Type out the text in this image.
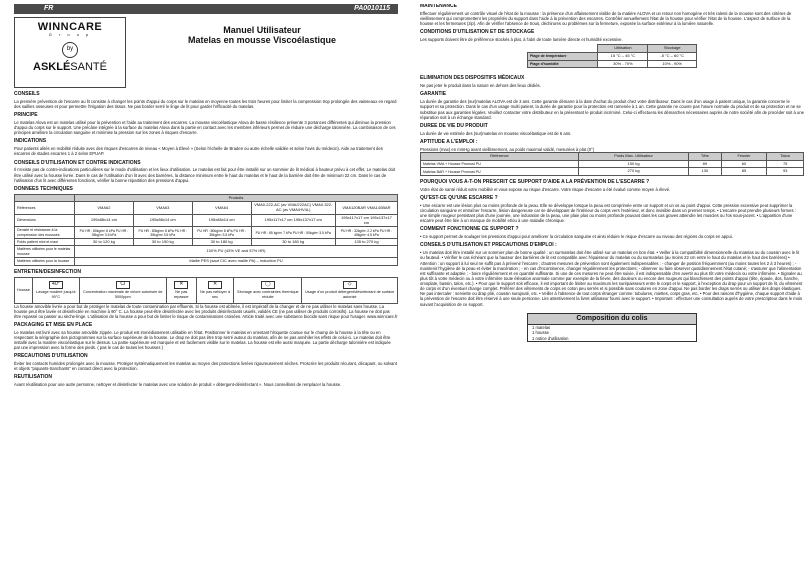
FR	PA0010115
WINNCARE
G r o u p
by
ASKLÉSANTÉ
Manuel Utilisateur
Matelas en mousse Viscoélastique
CONSEILS
La première prévention de l'escarre au lit consiste à changer les points d'appui du corps sur le matelas en moyenne toutes les trois heures pour limiter la compression trop prolongée des vaisseaux en regard des saillies osseuses et pour permettre l'irrigation des tissus. Ne pas border serré le linge de lit pour garder l'efficacité du matelas.
PRINCIPE
Le matelas Alova est un matelas utilisé pour la prévention et l'aide au traitement des escarres. La mousse viscoélastique Alova de basse résilience présente 3 portances différentes qui diminue la pression d'appui du corps sur le support. Une précâne intégrée à la surface du matelas Alova dans la partie en contact avec les membres inférieurs permet de réduire une décharge talonnière. La combinaison de ces principes améliore la circulation sanguine et minimise la pression sur les zones à risques d'escarre.
INDICATIONS
Pour patients alités en mobilité réduite avec des risques d'escarres de niveau « Moyen à Élevé » (Selon l'échelle de Braden ou autre échelle validée et selon l'avis du médecin). Aide au traitement des escarres de stades escarres 1 à 2 selon EPUAP.
CONSEILS D'UTILISATION ET CONTRE INDICATIONS
Il n'existe pas de contre-indications particulières sur le mode d'utilisation et les lieux d'utilisation. Le matelas est fait pour être installé sur un sommier de lit médical à hauteur prévu à cet effet. Le matelas doit être utilisé avec la housse livrée. Dans le cas de l'utilisation d'un lit avec des barrières, la distance minimum entre le haut du matelas et le haut de la barrière doit être de minimum 22 cm. Dans le cas de l'utilisation d'un lit avec différentes fonctions, vérifier la bonne répartition des pressions d'appui.
DONNEES TECHNIQUES
	Produits				
Références	VMA62	VMA63	VMA64	VMA0-222-AC (av VMA/222AC) VMA0-322-AC (av VMA/HV4L)	VMA120BAR VMA140BAR
Dimensions	195x88x14 cm	195x88x14 cm	195x88x14 cm	195x117x17 cm 195x137x17 cm	195x117x17 cm 195x137x17 cm
Densité et résistance à la compression des mousses	PU HR : 80kg/m³ 8 kPa PU HR : 35kg/m³ 3.5 kPa	PU HR : 80kg/m³ 8 kPa PU HR : 35kg/m³ 3.5 kPa	PU HR : 80kg/m³ 8 kPa PU HR : 35kg/m³ 3.5 kPa	PU HR : 85 kg/m³ 7 kPa PU HR : 50kg/m³ 3.5 kPa	PU HR : 32kg/m³ 2.2 kPa PU HR : 45kg/m³ 4.5 kPa
Poids patient mini et maxi	30 to 120 kg	30 to 150 kg	30 to 180 kg	30 to 180 kg	135 to 270 kg
Matières utilisées pour le matelas mousse	100% PU (43% VE and 57% HR)				
Matières utilisées pour la housse	Maille PES (sauf CIC avec maille PA) – induction PU				
ENTRETIEN/DESINFECTION
Housse	
40°
Lavage modéré jusqu'à 90°C	
Cl
Concentration maximale de chlore autorisée de 5000ppm	
✕
Ne pas repasser	
✕
Ne pas nettoyer à sec	
◯
Séchage avec contraintes thermique réduite	
◇
Usage d'un produit détergent/désinfectant de surface autorisé
La housse amovible livrée a pour but de protéger le matelas de toute contamination par effluents. Si la housse est abîmée, il est impératif de la changer et de ne pas utiliser le matelas sans housse. La housse peut être lavée et désinfectée en machine à 90° C. La housse peut-être désinfectée avec les produits désinfectants usuels, validés CE (ne pas utiliser de produits corrosifs). La housse ne doit pas être repassé ou passer au sèche-linge. L'utilisation de la housse a pour but de limiter le risque de contaminations croisées. Article traité avec une substance biocide sans risque pour l'usager. www.winncare.fr
PACKAGING ET MISE EN PLACE
Le matelas est livré avec sa housse amovible zippée. Le produit est immédiatement utilisable en l'état. Positionner le matelas en orientant l'étiquette cousue sur le champ de la housse à la tête ou en respectant la sérigraphie des pictogrammes sur la surface supérieure de la housse. Le drap ne doit pas être trop serré autour du matelas, afin de ne pas annihiler les effets de celui-ci. Le matelas doit être installé avec la matière viscoélastique sur le dessus. La partie supérieure est marquée et est facilement visible sur le matelas. La housse est elle aussi marquée. La partie décharge talonnière est indiquée par une impression avec la forme des pieds. ( pas le cas de toutes les housses )
PRECAUTIONS D'UTILISATION
Éviter les contacts humides prolongés avec la mousse. Protéger systématiquement les matelas au moyen des protections livrées rigoureusement sèches. Proscrire les produits récurant, décapant, ou solvant et objets "piquants-tranchants" en contact direct avec la protection.
REUTILISATION
Avant réutilisation pour une autre personne, nettoyer et désinfecter le matelas avec une solution de produit « détergent-désinfectant ». Nous conseillons de remplacer la housse.
MAINTENANCE
Effectuer régulièrement un contrôle visuel de l'état de la mousse : la présence d'un affaissement visible de la matière ALOVA et un retour non homogène et très ralenti de la mousse sont des critères de vieillissement qui compromettent les propriétés du support dans l'aide à la prévention des escarres. Contrôler annuellement l'état de la housse pour vérifier l'état de la housse. L'aspect de surface de la housse et les fermetures (zip). Afin de vérifier l'absence de trous, déchirures ou problèmes sur la fermeture, exposée la surface extérieur à la lumière naturelle.
CONDITIONS D'UTILISATION ET DE STOCKAGE
Les supports doivent être de préférence stockés à plat, à l'abri de toute lumière directe et humidité excessive.
	Utilisation	Stockage
Plage de température	15 °C – 45 °C	-5 °C – 60 °C
Plage d'humidité	30% - 70%	10% - 90%
ELIMINATION DES DISPOSITIFS MÉDICAUX
Ne pas jeter le produit dans la nature en dehors des lieux dédiés.
GARANTIE
La durée de garantie des (sur)matelas ALOVA est de 3 ans. Cette garantie démarre à la date d'achat du produit chez votre distributeur. Dans le cas d'un usage à patient unique, la garantie concerne le support et sa protection. Dans le cas d'un usage multi patient, la durée de garantie pour la protection est ramenée à 1 an. Cette garantie ne couvre pas l'usure normale du produit et de sa protection et ne se substitue pas aux garanties légales. Veuillez contacter votre distributeur en la présentant le produit incriminé. Celui-ci effectuera les démarches nécessaires auprès de notre société afin de procéder soit à une réparation soit à un échange standard.
DUREE DE VIE DU PRODUIT
La durée de vie estimée des (sur)matelas en mousse viscoélastique est de 6 ans.
APTITUDE A L'EMPLOI :
Pressions (max) en mmHg avant vieillissement, au poids maximal validé, mesurées à plat (0°)
Référence	Poids Max. Utilisateur	Tête	Fessier	Talon
Matelas VMA + Housse Promust PU	150 kg	89	60	75
Matelas BAR + Housse Promust PU	270 kg	130	85	93
POURQUOI VOUS A-T-ON PRESCRIT CE SUPPORT D'AIDE A LA PRÉVENTION DE L'ESCARRE ?
Votre état de santé réduit votre mobilité et vous expose au risque d'escarre. Votre risque d'escarre a été évalué comme moyen à élevé.
QU'EST-CE QU'UNE ESCARRE ?
• Une escarre est une lésion plus ou moins profonde de la peau. Elle se développe lorsque la peau est comprimée entre un support et un os au point d'appui. Cette pression excessive peut supprimer la circulation sanguine et entraîner l'escarre, lésion dangereuse car se développant de l'intérieur du corps vers l'extérieur, et donc invisible dans un premier temps. • L'escarre peut prendre plusieurs formes : une simple rougeur persistant plus d'une journée, une induration de la peau, une plaie plus ou moins profonde pouvant dans les cas graves atteindre les muscles ou l'os sous-jacent. • L'apparition d'une escarre peut être liée à un manque de mobilité et/ou à une maladie chronique.
COMMENT FONCTIONNE CE SUPPORT ?
• Ce support permet de soulager les pressions d'appui pour améliorer la circulation sanguine et ainsi réduire le risque d'escarre au niveau des régions du corps en appui.
CONSEILS D'UTILISATION ET PRECAUTIONS D'EMPLOI :
• Un matelas doit être installé sur un sommier plan de bonne qualité : un surmatelas doit être utilisé sur un matelas en bon état. • Veiller à la compatibilité dimensionnelle du matelas ou du coussin avec le lit ou fauteuil. • Vérifier le cas échéant que la hauteur des barrières de lit est compatible avec l'épaisseur du matelas ou du surmatelas (au moins 22 cm entre le haut du matelas et le haut des barrières) • Attention : un support à lui seul ne suffit pas à prévenir l'escarre ; d'autres mesures de prévention sont également indispensables : - changer de position fréquemment (au moins toutes les 2 à 3 heures) ; - maintenir l'hygiène de la peau et éviter la macération ; - en cas d'incontinence, changer régulièrement les protections; - observer ou faire observer quotidiennement l'état cutané; - s'assurer que l'alimentation est suffisante et adaptée ; - boire régulièrement et en quantité suffisante. Si une de ces mesures ne peut être suivie, il est indispensable d'en avertir au plus tôt votre médecin ou votre infirmière. • Signaler au plus tôt à votre médecin ou à votre infirmière toute élévation anormale comme par exemple de la fièvre, des douleurs ou encore des rougeurs qui blanchissent des points d'appui (tête, épaule, dos, hanche, omoplate, bassin, talon, etc.). • Pour que le support soit efficace, il est important de limiter au maximum les surépaisseurs entre le corps et le support, à l'exception du drap pour un support de lit, du vêtement de corps et d'un éventuel change complet. Préférer des vêtements de corps en coton peu serrés et si possible sans coutures en zone d'appui. Ne pas border les draps serrés ou utiliser des draps élastiques. Ne pas intercaler : serviette ou drap plié, coussin surajouté, etc. • Veiller à l'absence de tout corps étranger comme: tubulures, miettes, corps gras, etc. • Pour des raisons d'hygiène, chaque support d'aide à la prévention de l'escarre doit être réservé à une seule personne. Lire attentivement la livret utilisateur fourni avec le support. • Important : effectuer une consultation auprès de votre prescripteur dans le mois suivant l'acquisition de ce support.
Composition du colis
1 matelas
1 housse
1 notice d'utilisation
